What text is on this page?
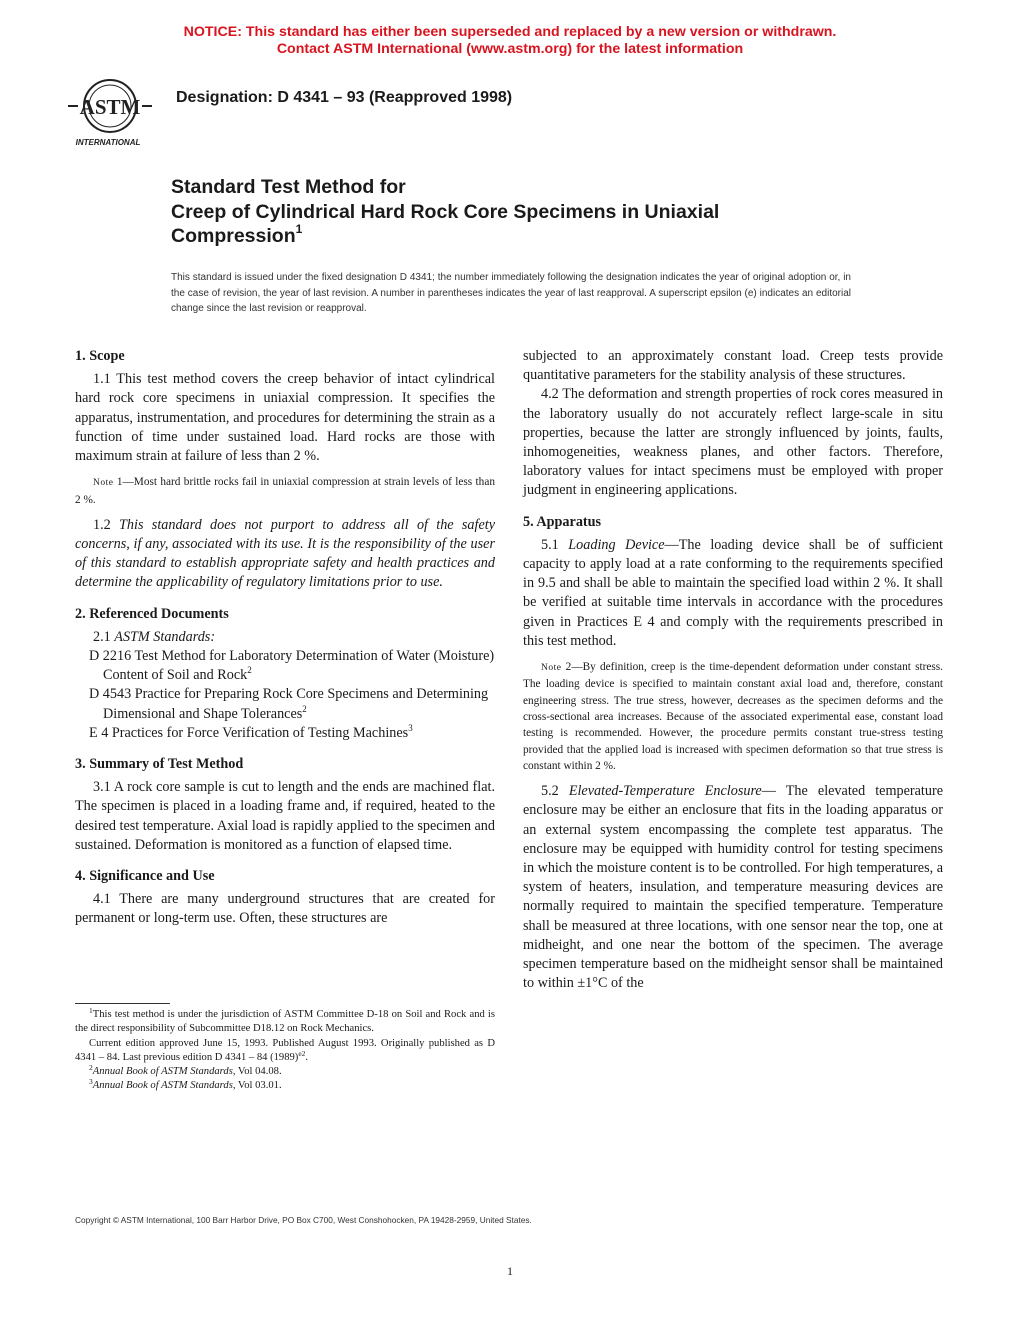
NOTICE: This standard has either been superseded and replaced by a new version or withdrawn.
Contact ASTM International (www.astm.org) for the latest information
ASTM
INTERNATIONAL
Designation: D 4341 – 93 (Reapproved 1998)
Standard Test Method for
Creep of Cylindrical Hard Rock Core Specimens in Uniaxial
Compression$^1$
This standard is issued under the fixed designation D 4341; the number immediately following the designation indicates the year of original adoption or, in the case of revision, the year of last revision. A number in parentheses indicates the year of last reapproval. A superscript epsilon (e) indicates an editorial change since the last revision or reapproval.
1. Scope

1.1 This test method covers the creep behavior of intact cylindrical hard rock core specimens in uniaxial compression. It specifies the apparatus, instrumentation, and procedures for determining the strain as a function of time under sustained load. Hard rocks are those with maximum strain at failure of less than 2 %.

Note 1—Most hard brittle rocks fail in uniaxial compression at strain levels of less than 2 %.

1.2 This standard does not purport to address all of the safety concerns, if any, associated with its use. It is the responsibility of the user of this standard to establish appropriate safety and health practices and determine the applicability of regulatory limitations prior to use.

2. Referenced Documents

2.1 ASTM Standards:

D 2216 Test Method for Laboratory Determination of Water (Moisture) Content of Soil and Rock$^2$

D 4543 Practice for Preparing Rock Core Specimens and Determining Dimensional and Shape Tolerances$^2$

E 4 Practices for Force Verification of Testing Machines$^3$

3. Summary of Test Method

3.1 A rock core sample is cut to length and the ends are machined flat. The specimen is placed in a loading frame and, if required, heated to the desired test temperature. Axial load is rapidly applied to the specimen and sustained. Deformation is monitored as a function of elapsed time.

4. Significance and Use

4.1 There are many underground structures that are created for permanent or long-term use. Often, these structures are

subjected to an approximately constant load. Creep tests provide quantitative parameters for the stability analysis of these structures.

4.2 The deformation and strength properties of rock cores measured in the laboratory usually do not accurately reflect large-scale in situ properties, because the latter are strongly influenced by joints, faults, inhomogeneities, weakness planes, and other factors. Therefore, laboratory values for intact specimens must be employed with proper judgment in engineering applications.

5. Apparatus

5.1 Loading Device—The loading device shall be of sufficient capacity to apply load at a rate conforming to the requirements specified in 9.5 and shall be able to maintain the specified load within 2 %. It shall be verified at suitable time intervals in accordance with the procedures given in Practices E 4 and comply with the requirements prescribed in this test method.

Note 2—By definition, creep is the time-dependent deformation under constant stress. The loading device is specified to maintain constant axial load and, therefore, constant engineering stress. The true stress, however, decreases as the specimen deforms and the cross-sectional area increases. Because of the associated experimental ease, constant load testing is recommended. However, the procedure permits constant true-stress testing provided that the applied load is increased with specimen deformation so that true stress is constant within 2 %.

5.2 Elevated-Temperature Enclosure— The elevated temperature enclosure may be either an enclosure that fits in the loading apparatus or an external system encompassing the complete test apparatus. The enclosure may be equipped with humidity control for testing specimens in which the moisture content is to be controlled. For high temperatures, a system of heaters, insulation, and temperature measuring devices are normally required to maintain the specified temperature. Temperature shall be measured at three locations, with one sensor near the top, one at midheight, and one near the bottom of the specimen. The average specimen temperature based on the midheight sensor shall be maintained to within ±1°C of the

$^1$This test method is under the jurisdiction of ASTM Committee D-18 on Soil and Rock and is the direct responsibility of Subcommittee D18.12 on Rock Mechanics.

Current edition approved June 15, 1993. Published August 1993. Originally published as D 4341 – 84. Last previous edition D 4341 – 84 $(1989)^{e2}$.

$^2$Annual Book of ASTM Standards, Vol 04.08.

$^3$Annual Book of ASTM Standards, Vol 03.01.

Copyright © ASTM International, 100 Barr Harbor Drive, PO Box C700, West Conshohocken, PA 19428-2959, United States.
1
